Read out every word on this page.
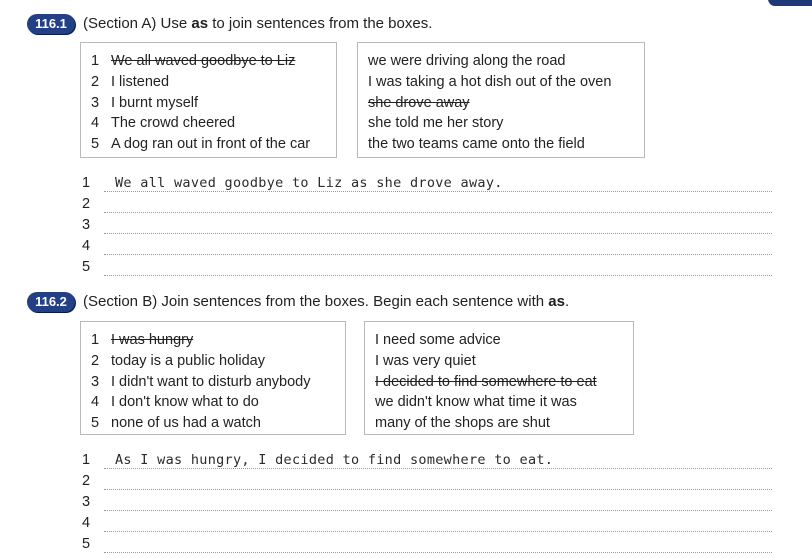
116.1	(Section A) Use as to join sentences from the boxes.
1 We all waved goodbye to Liz
2 I listened
3 I burnt myself
4 The crowd cheered
5 A dog ran out in front of the car
we were driving along the road
I was taking a hot dish out of the oven
she drove away
she told me her story
the two teams came onto the field
1 We all waved goodbye to Liz as she drove away.
2
3
4
5
116.2	(Section B) Join sentences from the boxes. Begin each sentence with as.
1 I was hungry
2 today is a public holiday
3 I didn't want to disturb anybody
4 I don't know what to do
5 none of us had a watch
I need some advice
I was very quiet
I decided to find somewhere to eat
we didn't know what time it was
many of the shops are shut
1 As I was hungry, I decided to find somewhere to eat.
2
3
4
5
